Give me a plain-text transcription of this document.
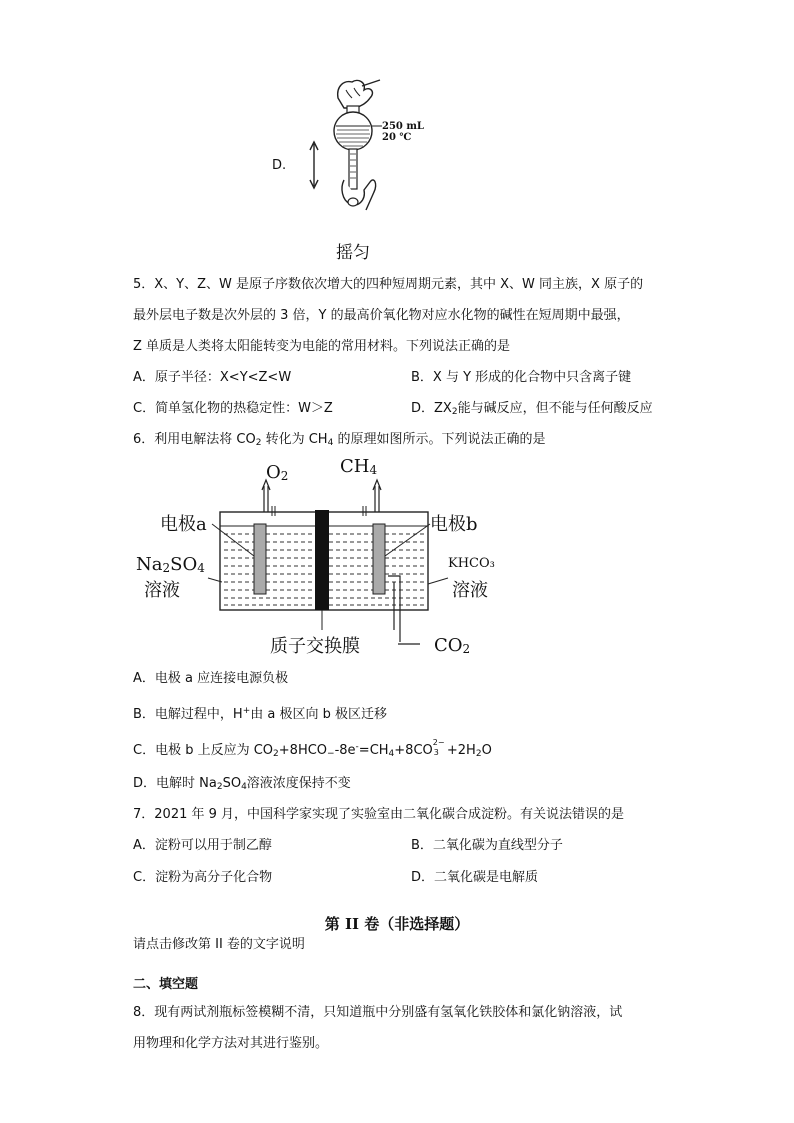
D.
250 mL
20 ℃
摇匀
5．X、Y、Z、W 是原子序数依次增大的四种短周期元素，其中 X、W 同主族，X 原子的
最外层电子数是次外层的 3 倍，Y 的最高价氧化物对应水化物的碱性在短周期中最强，
Z 单质是人类将太阳能转变为电能的常用材料。下列说法正确的是
A．原子半径：X<Y<Z<W	B．X 与 Y 形成的化合物中只含离子键
C．简单氢化物的热稳定性：W＞Z	D．$ZX_2$能与碱反应，但不能与任何酸反应
6．利用电解法将 $CO_2$ 转化为 $CH_4$ 的原理如图所示。下列说法正确的是
O2	CH4
电极a	电极b
Na2SO4
溶液
KHCO₃
溶液
质子交换膜	CO2
A．电极 a 应连接电源负极
B．电解过程中，H+由 a 极区向 b 极区迁移
C．电极 b 上反应为 $CO_2+8HCO_--8e^-=CH_4+8CO$
2−
$3 +2H_2O$
D．电解时 $Na_2SO_4$溶液浓度保持不变
7．2021 年 9 月，中国科学家实现了实验室由二氧化碳合成淀粉。有关说法错误的是
A．淀粉可以用于制乙醇	B．二氧化碳为直线型分子
C．淀粉为高分子化合物	D．二氧化碳是电解质
第 II 卷（非选择题）
请点击修改第 II 卷的文字说明
二、填空题
8．现有两试剂瓶标签模糊不清，只知道瓶中分别盛有氢氧化铁胶体和氯化钠溶液，试
用物理和化学方法对其进行鉴别。
